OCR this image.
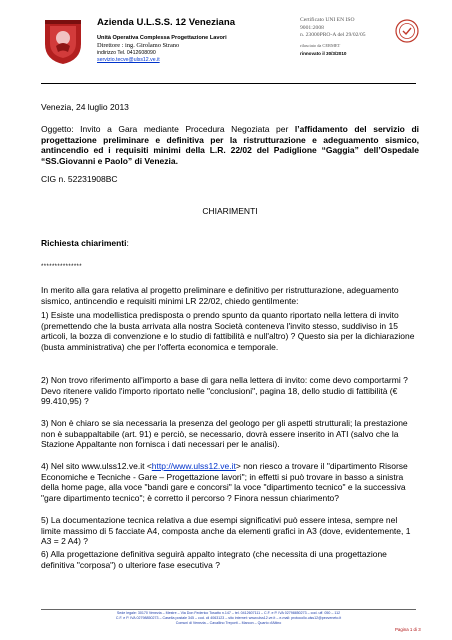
Azienda U.L.S.S. 12 Veneziana
Unità Operativa Complessa Progettazione Lavori
Direttore : ing. Girolamo Strano
indirizzo Tel. 0412608090
servizio.tecve@ulss12.ve.it
Certificato UNI EN ISO
9001:2008
n. 23000PRO-A del 29/02/05
rilasciato da CERMET
rinnovato il 30/3/2010
Venezia, 24 luglio 2013
Oggetto: Invito a Gara mediante Procedura Negoziata per l’affidamento del servizio di progettazione preliminare e definitiva per la ristrutturazione e adeguamento sismico, antincendio ed i requisiti minimi della L.R. 22/02 del Padiglione “Gaggia” dell’Ospedale “SS.Giovanni e Paolo” di Venezia.
CIG n. 52231908BC
CHIARIMENTI
Richiesta chiarimenti:
***************
In merito alla gara relativa al progetto preliminare e definitivo per ristrutturazione, adeguamento sismico, antincendio e requisiti minimi LR 22/02, chiedo gentilmente:
1) Esiste una modellistica predisposta o prendo spunto da quanto riportato nella lettera di invito (premettendo che la busta arrivata alla nostra Società conteneva l'invito stesso, suddiviso in 15 articoli, la bozza di convenzione e lo studio di fattibilità e null'altro) ? Questo sia per la dichiarazione (busta amministrativa) che per l'offerta economica e temporale.
2) Non trovo riferimento all'importo a base di gara nella lettera di invito: come devo comportarmi ? Devo ritenere valido l'importo riportato nelle "conclusioni", pagina 18, dello studio di fattibilità (€ 99.410,95) ?
3) Non è chiaro se sia necessaria la presenza del geologo per gli aspetti strutturali; la prestazione non è subappaltabile (art. 91) e perciò, se necessario, dovrà essere inserito in ATI (salvo che la Stazione Appaltante non fornisca i dati necessari per le analisi).
4) Nel sito www.ulss12.ve.it <http://www.ulss12.ve.it> non riesco a trovare il "dipartimento Risorse Economiche e Tecniche - Gare – Progettazione lavori"; in effetti si può trovare in basso a sinistra della home page, alla voce "bandi gare e concorsi" la voce "dipartimento tecnico" e la successiva "gare dipartimento tecnico"; è corretto il percorso ? Finora nessun chiarimento?
5) La documentazione tecnica relativa a due esempi significativi può essere intesa, sempre nel limite massimo di 5 facciate A4, composta anche da elementi grafici in A3 (dove, evidentemente, 1 A3 = 2 A4) ?
6) Alla progettazione definitiva seguirà appalto integrato (che necessita di una progettazione definitiva "corposa") o ulteriore fase esecutiva ?
Sede legale: 30170 Venezia – Mestre – Via Don Federico Tosatto n.147 – tel. 0412607111 – C.F. e P. IVA 02798850273 – cod. uff. 050 – 112
C.F. e P. IVA 02798850273 – Casella postale 345 – cod. cli 4063123 – sito internet: www.ulss12.ve.it – e-mail: protocollo.ulss12@pecveneto.it
Comuni di Venezia – Cavallino Treporti – Marcon – Quarto d'Altino
Pagina 1 di 3
